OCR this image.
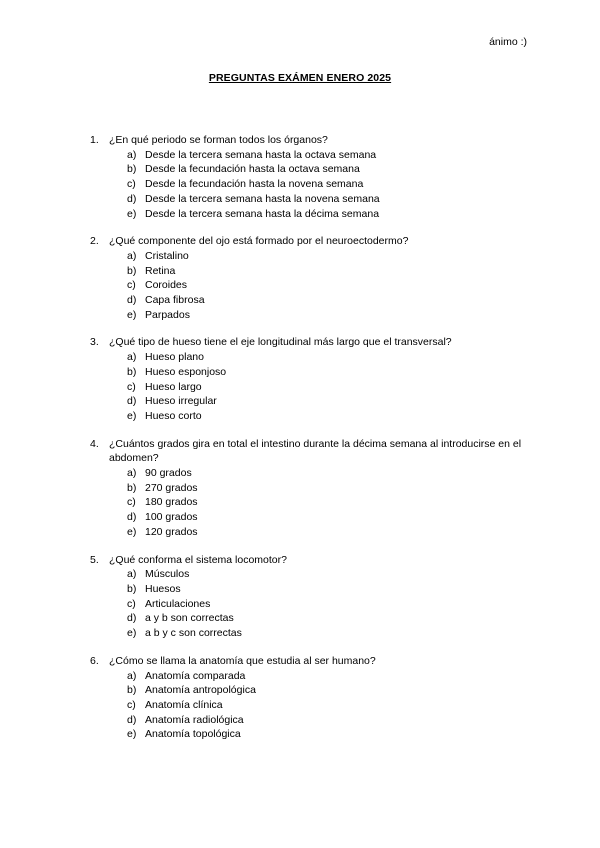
ánimo :)
PREGUNTAS EXÁMEN ENERO 2025
1. ¿En qué periodo se forman todos los órganos?
a) Desde la tercera semana hasta la octava semana
b) Desde la fecundación hasta la octava semana
c) Desde la fecundación hasta la novena semana
d) Desde la tercera semana hasta la novena semana
e) Desde la tercera semana hasta la décima semana
2. ¿Qué componente del ojo está formado por el neuroectodermo?
a) Cristalino
b) Retina
c) Coroides
d) Capa fibrosa
e) Parpados
3. ¿Qué tipo de hueso tiene el eje longitudinal más largo que el transversal?
a) Hueso plano
b) Hueso esponjoso
c) Hueso largo
d) Hueso irregular
e) Hueso corto
4. ¿Cuántos grados gira en total el intestino durante la décima semana al introducirse en el abdomen?
a) 90 grados
b) 270 grados
c) 180 grados
d) 100 grados
e) 120 grados
5. ¿Qué conforma el sistema locomotor?
a) Músculos
b) Huesos
c) Articulaciones
d) a y b son correctas
e) a b y c son correctas
6. ¿Cómo se llama la anatomía que estudia al ser humano?
a) Anatomía comparada
b) Anatomía antropológica
c) Anatomía clínica
d) Anatomía radiológica
e) Anatomía topológica
